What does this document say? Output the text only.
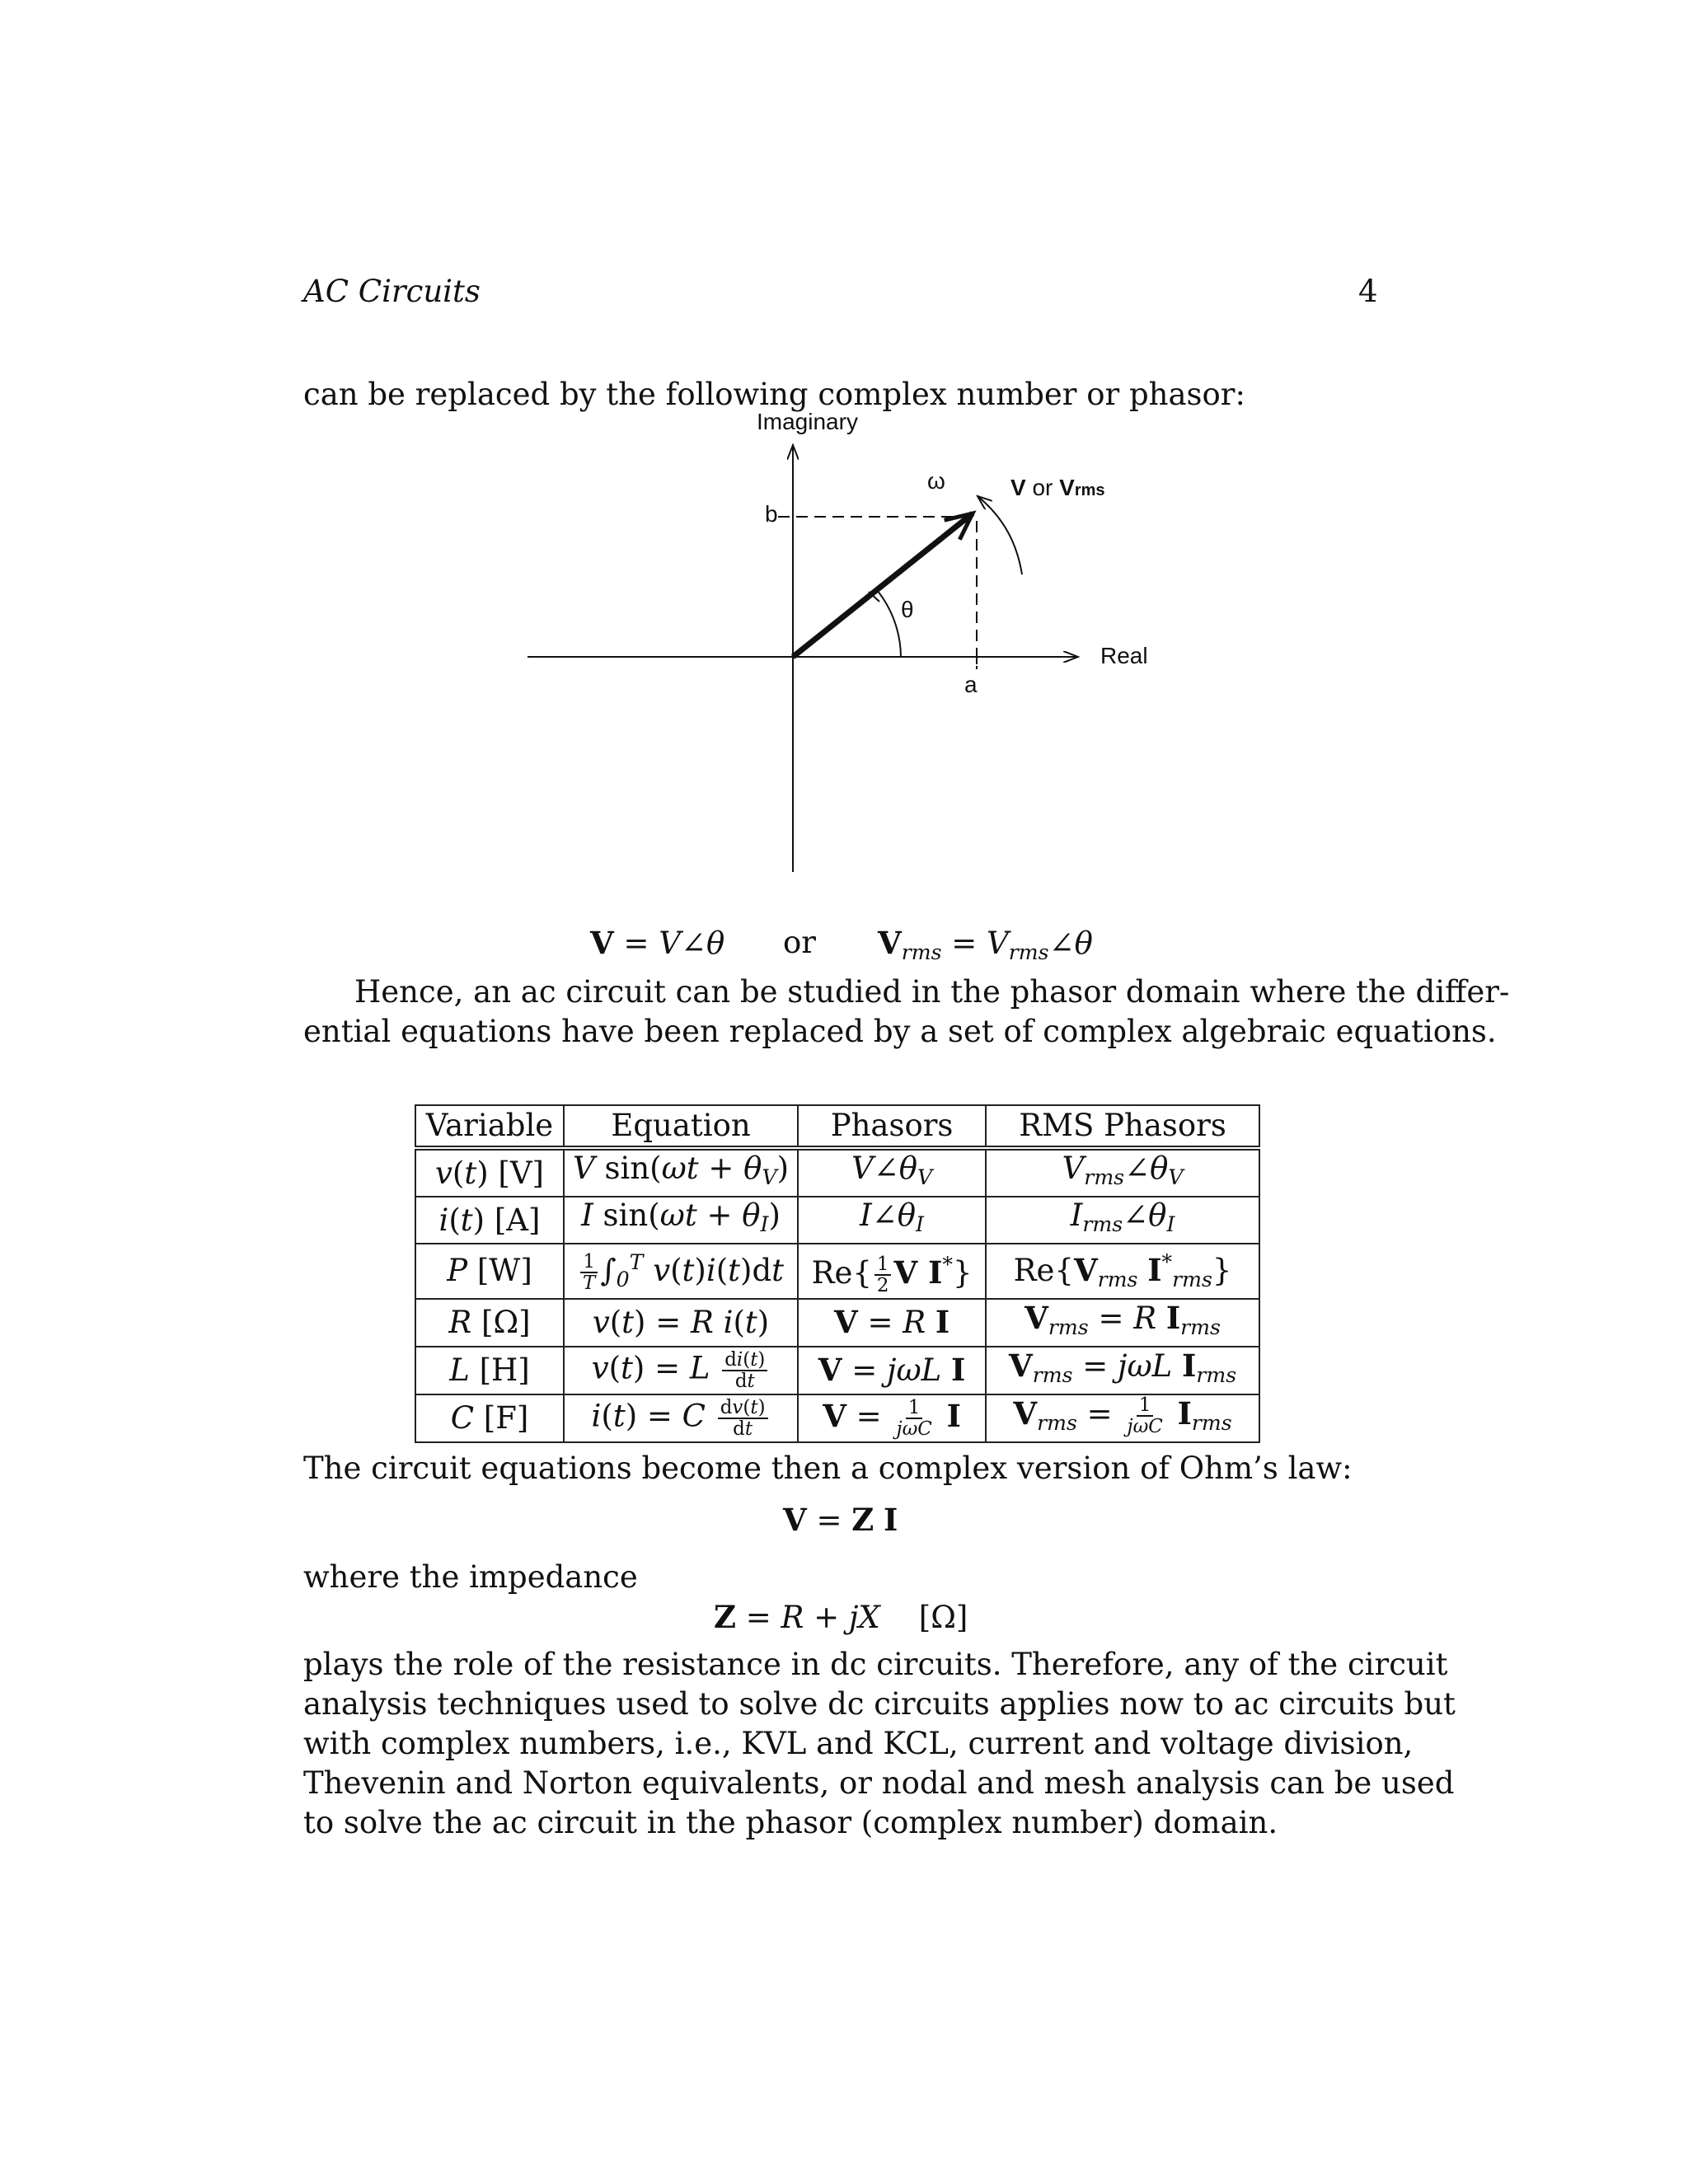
AC Circuits	4
can be replaced by the following complex number or phasor:
Imaginary
Real
ω
θ
b
a
V or Vrms
V = V∠θ or $V_{rms}$ = $V_{rms}\angle\theta$
Hence, an ac circuit can be studied in the phasor domain where the differ-
ential equations have been replaced by a set of complex algebraic equations.
Variable	Equation	Phasors	RMS Phasors
v(t) [V]	V $\sin(\omega t + \theta_V)$	$V\angle\theta_V$	$V_{rms}\angle\theta_V$
i(t) [A]	I $\sin(\omega t + \theta_I)$	$I\angle\theta_I$	$I_{rms}\angle\theta_I$
P [W]	$\frac{1}{T} \int_0^T$ v(t)i(t)dt	$Re\{ \frac{1}{2}$ V I*}	$Re\{V_{rms}$ $I^*_{rms}$}
R [Ω]	v(t) = R i(t)	V = R I	$V_{rms} = R$ $I_{rms}$
L [H]	v(t) = L $\frac{di(t)}{dt}$	V = jωL I	$V_{rms} = j\omega L$ $I_{rms}$
C [F]	i(t) = C $\frac{dv(t)}{dt}$	$V = \frac{1}{\text{jωC}}$ I	$V_{rms} = \frac{1}{\text{jωC}} I_{rms}$
The circuit equations become then a complex version of Ohm’s law:
V = Z I
where the impedance
Z = R + jX    [Ω]
plays the role of the resistance in dc circuits. Therefore, any of the circuit
analysis techniques used to solve dc circuits applies now to ac circuits but
with complex numbers, i.e., KVL and KCL, current and voltage division,
Thevenin and Norton equivalents, or nodal and mesh analysis can be used
to solve the ac circuit in the phasor (complex number) domain.
